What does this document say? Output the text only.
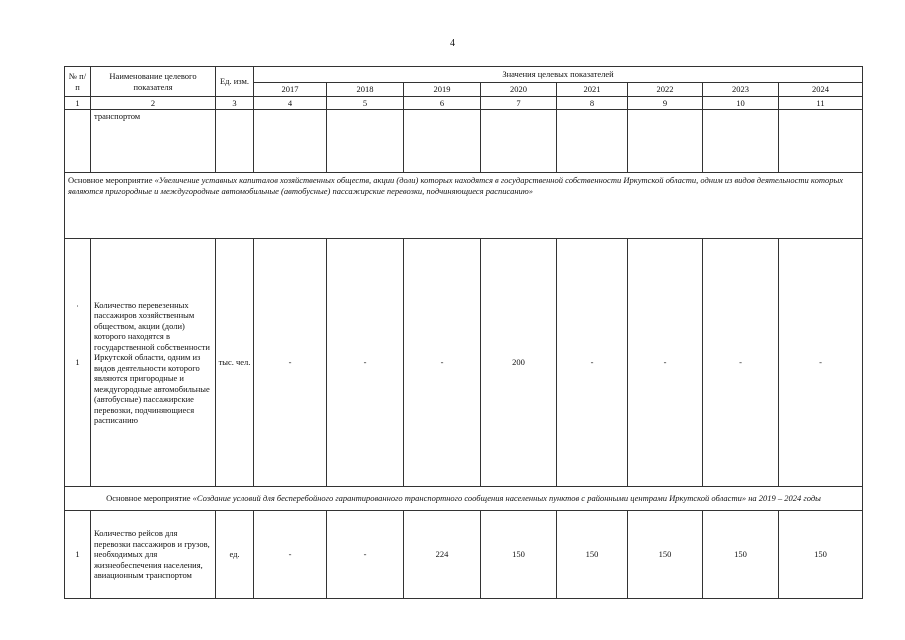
4
№ п/п	Наименование целевого показателя	Ед. изм.	Значения целевых показателей							
			2017	2018	2019	2020	2021	2022	2023	2024
1	2	3	4	5	6	7	8	9	10	11
	транспортом									
Основное мероприятие «Увеличение уставных капиталов хозяйственных обществ, акции (доли) которых находятся в государственной собственности Иркутской области, одним из видов деятельности которых являются пригородные и междугородные автомобильные (автобусные) пассажирские перевозки, подчиняющиеся расписанию»										

·
1	Количество перевезенных пассажиров хозяйственным обществом, акции (доли) которого находятся в государственной собственности Иркутской области, одним из видов деятельности которого являются пригородные и междугородные автомобильные (автобусные) пассажирские перевозки, подчиняющиеся расписанию	тыс. чел.	-	-	-	200	-	-	-	-
Основное мероприятие «Создание условий для бесперебойного гарантированного транспортного сообщения населенных пунктов с районными центрами Иркутской области» на 2019 – 2024 годы										
1	Количество рейсов для перевозки пассажиров и грузов, необходимых для жизнеобеспечения населения, авиационным транспортом	ед.	-	-	224	150	150	150	150	150
